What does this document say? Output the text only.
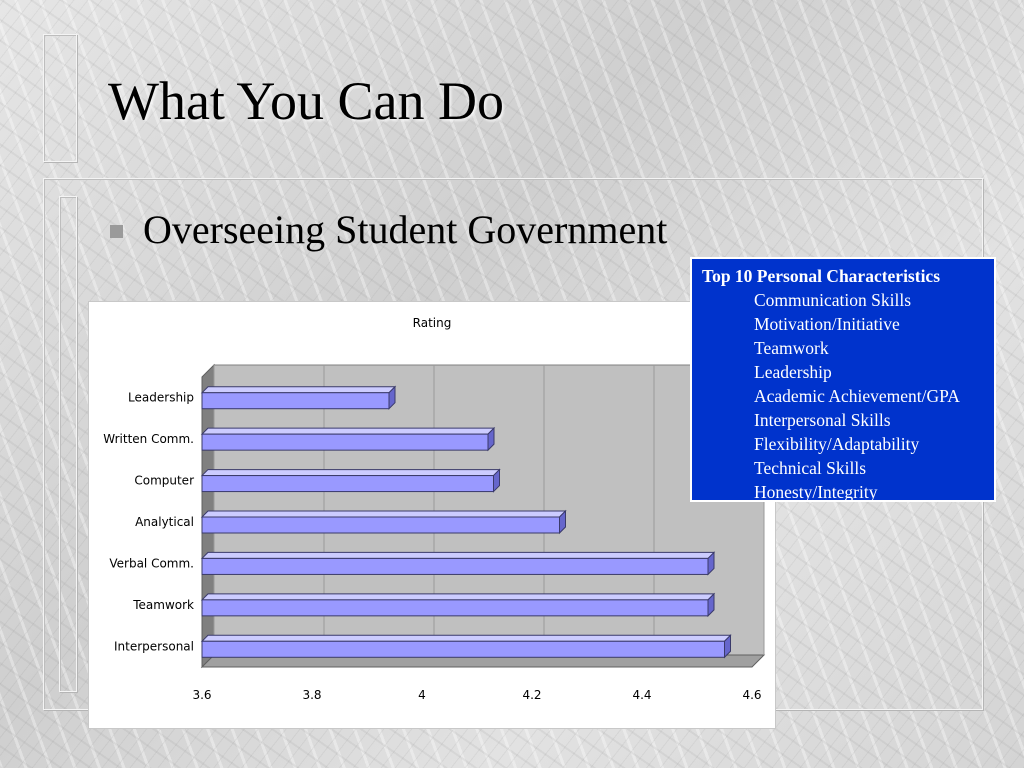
What You Can Do
Overseeing Student Government
Rating
Leadership
Written Comm.
Computer
Analytical
Verbal Comm.
Teamwork
Interpersonal
3.6	3.8	4	4.2	4.4	4.6
Top 10 Personal Characteristics
Communication Skills
Motivation/Initiative
Teamwork
Leadership
Academic Achievement/GPA
Interpersonal Skills
Flexibility/Adaptability
Technical Skills
Honesty/Integrity
